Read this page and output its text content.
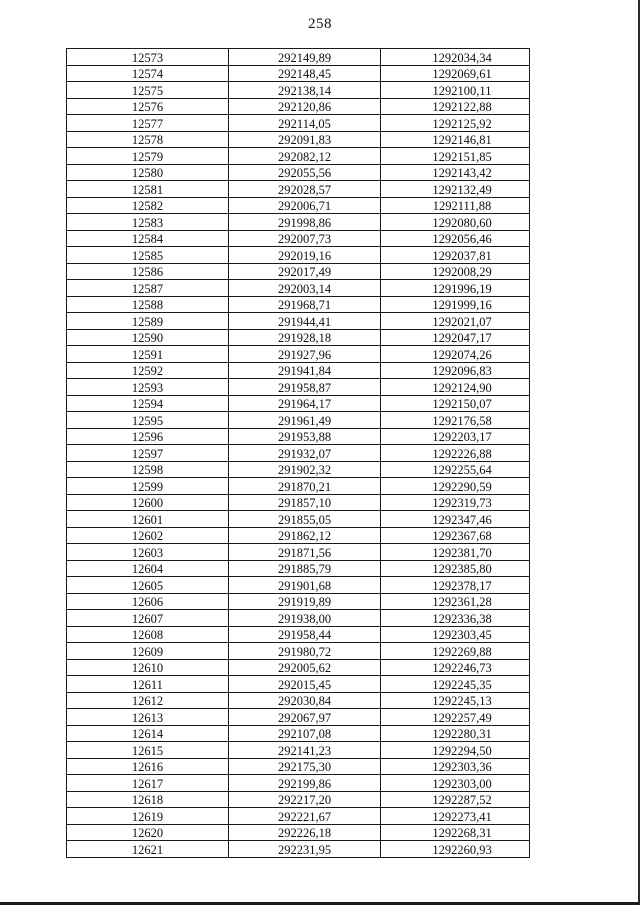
258
12573	292149,89	1292034,34
12574	292148,45	1292069,61
12575	292138,14	1292100,11
12576	292120,86	1292122,88
12577	292114,05	1292125,92
12578	292091,83	1292146,81
12579	292082,12	1292151,85
12580	292055,56	1292143,42
12581	292028,57	1292132,49
12582	292006,71	1292111,88
12583	291998,86	1292080,60
12584	292007,73	1292056,46
12585	292019,16	1292037,81
12586	292017,49	1292008,29
12587	292003,14	1291996,19
12588	291968,71	1291999,16
12589	291944,41	1292021,07
12590	291928,18	1292047,17
12591	291927,96	1292074,26
12592	291941,84	1292096,83
12593	291958,87	1292124,90
12594	291964,17	1292150,07
12595	291961,49	1292176,58
12596	291953,88	1292203,17
12597	291932,07	1292226,88
12598	291902,32	1292255,64
12599	291870,21	1292290,59
12600	291857,10	1292319,73
12601	291855,05	1292347,46
12602	291862,12	1292367,68
12603	291871,56	1292381,70
12604	291885,79	1292385,80
12605	291901,68	1292378,17
12606	291919,89	1292361,28
12607	291938,00	1292336,38
12608	291958,44	1292303,45
12609	291980,72	1292269,88
12610	292005,62	1292246,73
12611	292015,45	1292245,35
12612	292030,84	1292245,13
12613	292067,97	1292257,49
12614	292107,08	1292280,31
12615	292141,23	1292294,50
12616	292175,30	1292303,36
12617	292199,86	1292303,00
12618	292217,20	1292287,52
12619	292221,67	1292273,41
12620	292226,18	1292268,31
12621	292231,95	1292260,93
